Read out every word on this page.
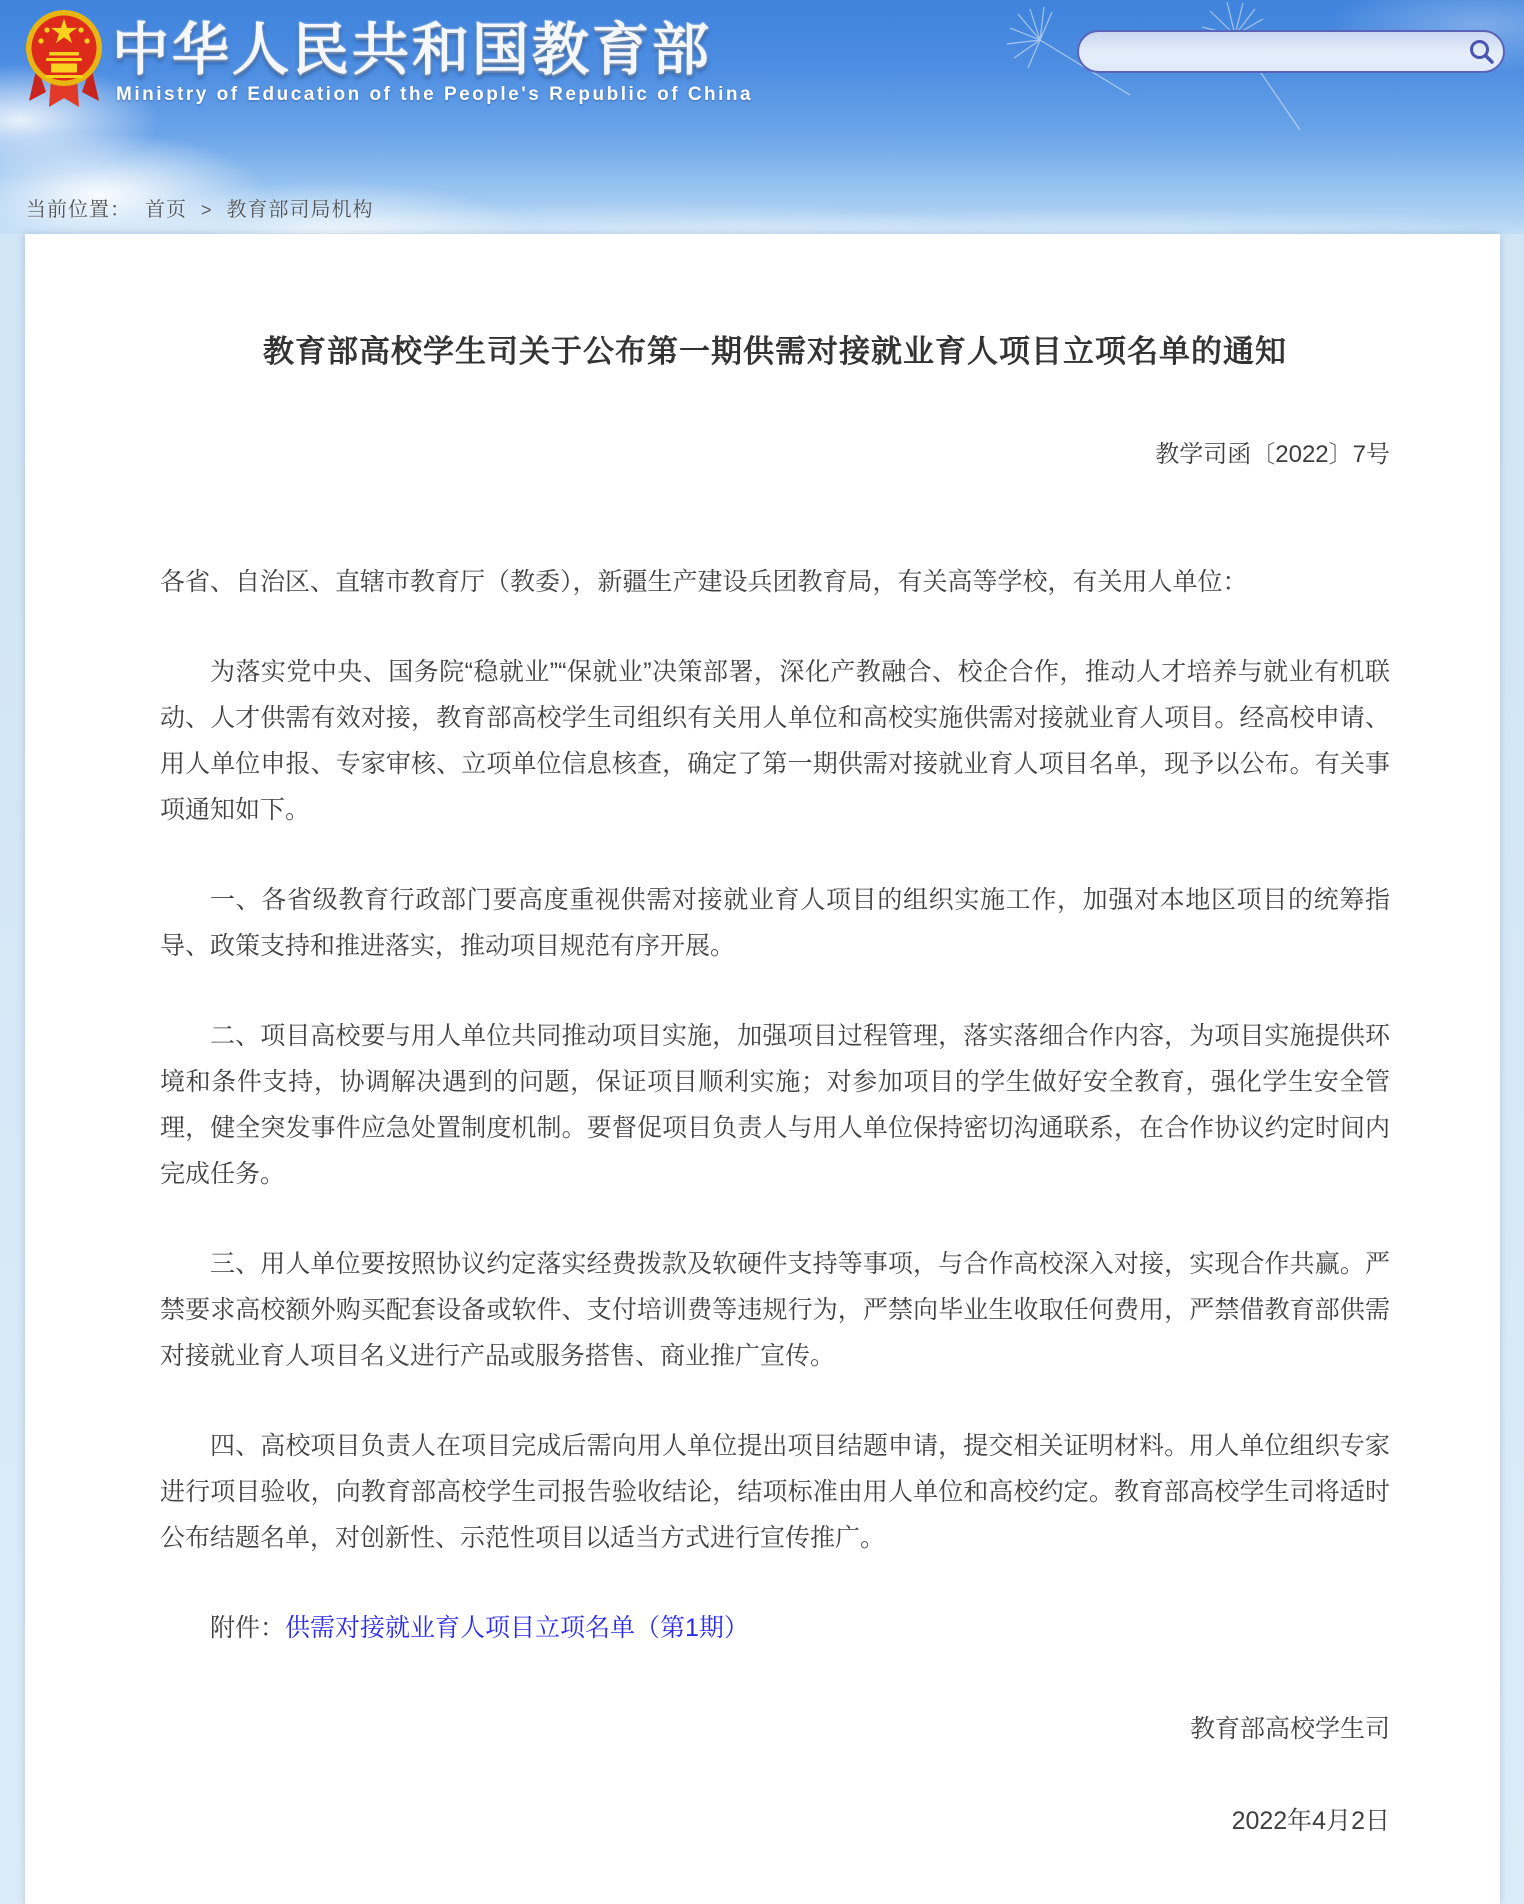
中华人民共和国教育部
Ministry of Education of the People's Republic of China
当前位置： 首页 > 教育部司局机构
教育部高校学生司关于公布第一期供需对接就业育人项目立项名单的通知
教学司函〔2022〕7号

各省、自治区、直辖市教育厅（教委），新疆生产建设兵团教育局，有关高等学校，有关用人单位：

为落实党中央、国务院“稳就业”“保就业”决策部署，深化产教融合、校企合作，推动人才培养与就业有机联动、人才供需有效对接，教育部高校学生司组织有关用人单位和高校实施供需对接就业育人项目。经高校申请、用人单位申报、专家审核、立项单位信息核查，确定了第一期供需对接就业育人项目名单，现予以公布。有关事项通知如下。

一、各省级教育行政部门要高度重视供需对接就业育人项目的组织实施工作，加强对本地区项目的统筹指导、政策支持和推进落实，推动项目规范有序开展。

二、项目高校要与用人单位共同推动项目实施，加强项目过程管理，落实落细合作内容，为项目实施提供环境和条件支持，协调解决遇到的问题，保证项目顺利实施；对参加项目的学生做好安全教育，强化学生安全管理，健全突发事件应急处置制度机制。要督促项目负责人与用人单位保持密切沟通联系，在合作协议约定时间内完成任务。

三、用人单位要按照协议约定落实经费拨款及软硬件支持等事项，与合作高校深入对接，实现合作共赢。严禁要求高校额外购买配套设备或软件、支付培训费等违规行为，严禁向毕业生收取任何费用，严禁借教育部供需对接就业育人项目名义进行产品或服务搭售、商业推广宣传。

四、高校项目负责人在项目完成后需向用人单位提出项目结题申请，提交相关证明材料。用人单位组织专家进行项目验收，向教育部高校学生司报告验收结论，结项标准由用人单位和高校约定。教育部高校学生司将适时公布结题名单，对创新性、示范性项目以适当方式进行宣传推广。

附件：供需对接就业育人项目立项名单（第1期）

教育部高校学生司
2022年4月2日
